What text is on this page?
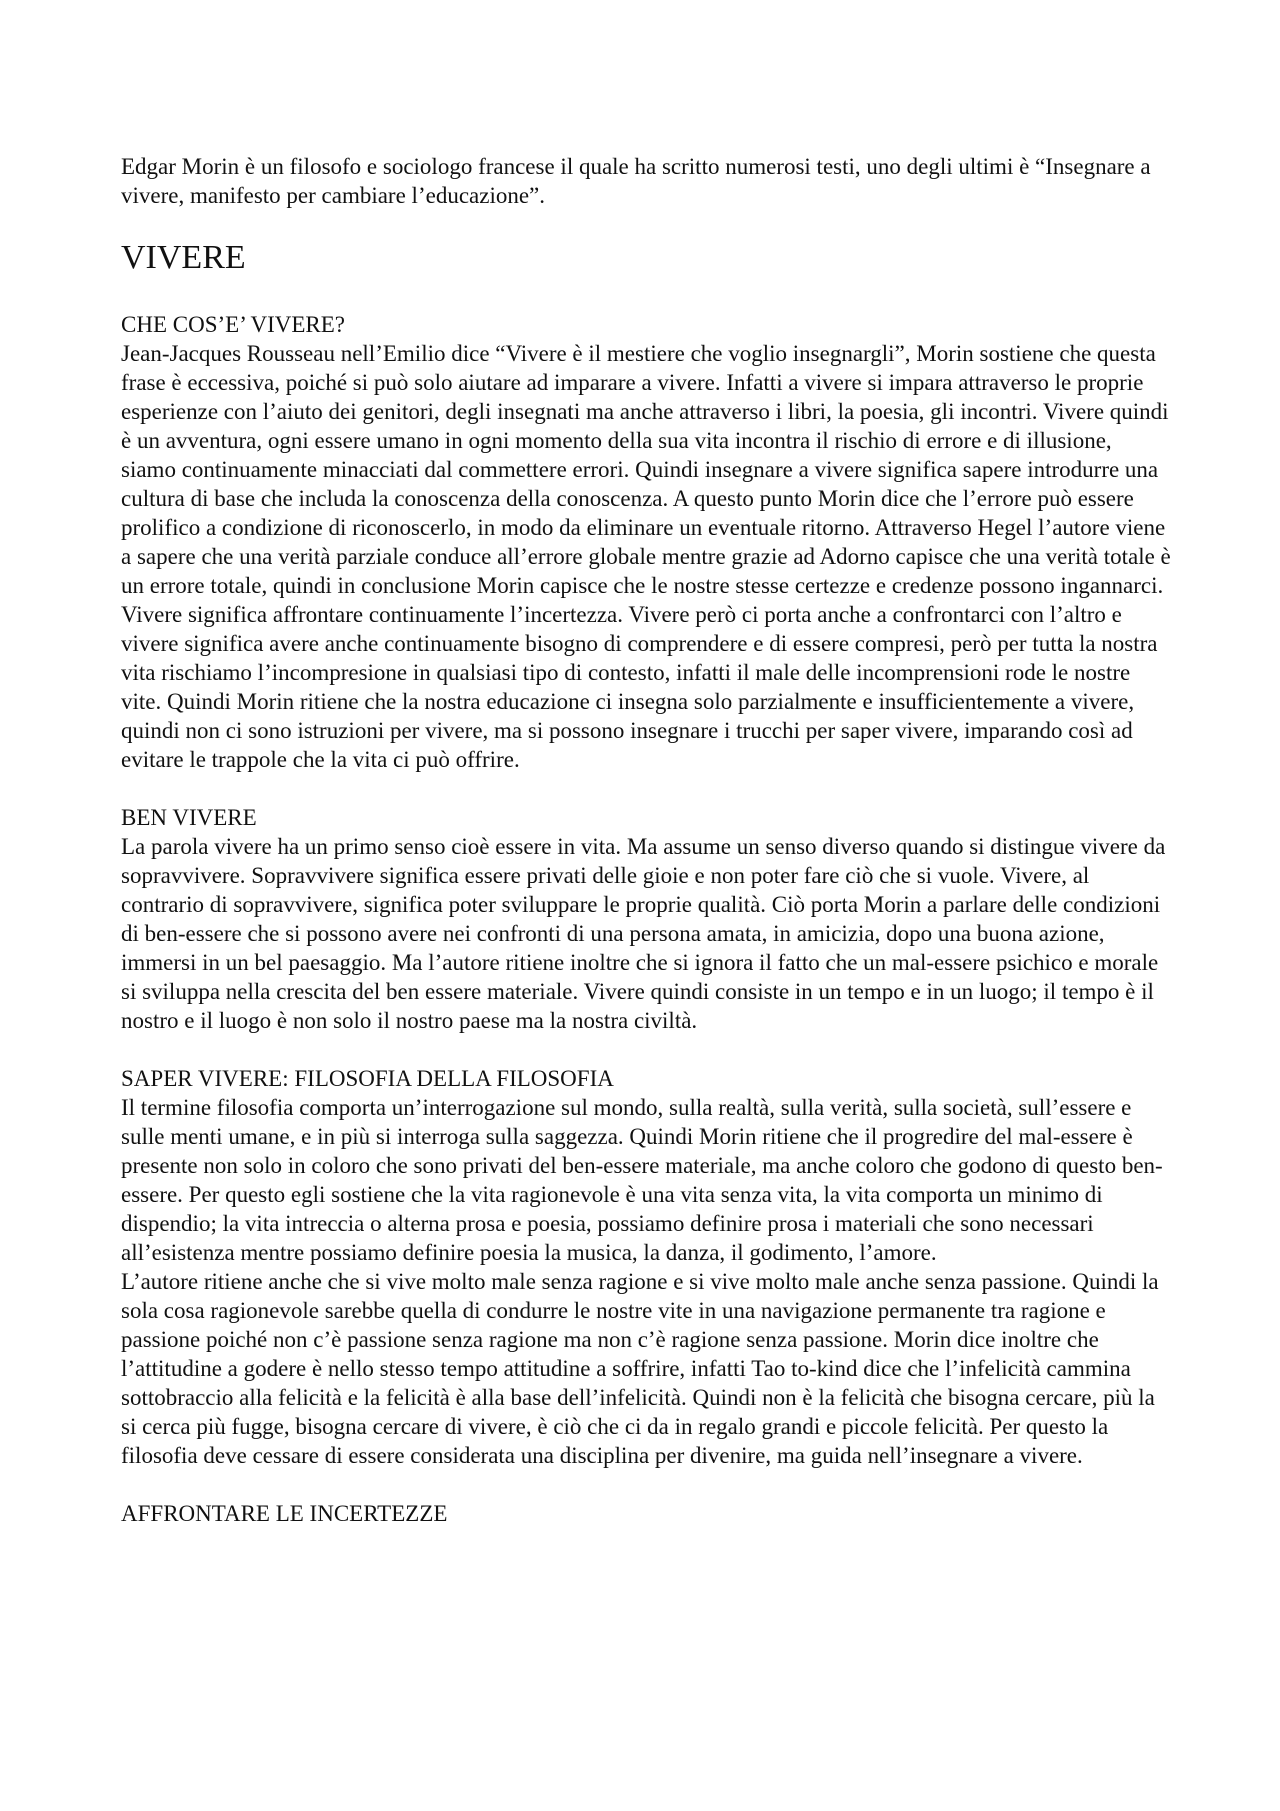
Edgar Morin è un filosofo e sociologo francese il quale ha scritto numerosi testi, uno degli ultimi è “Insegnare a vivere, manifesto per cambiare l’educazione”.

VIVERE

CHE COS’E’ VIVERE?

Jean-Jacques Rousseau nell’Emilio dice “Vivere è il mestiere che voglio insegnargli”, Morin sostiene che questa frase è eccessiva, poiché si può solo aiutare ad imparare a vivere. Infatti a vivere si impara attraverso le proprie esperienze con l’aiuto dei genitori, degli insegnati ma anche attraverso i libri, la poesia, gli incontri. Vivere quindi è un avventura, ogni essere umano in ogni momento della sua vita incontra il rischio di errore e di illusione, siamo continuamente minacciati dal commettere errori. Quindi insegnare a vivere significa sapere introdurre una cultura di base che includa la conoscenza della conoscenza. A questo punto Morin dice che l’errore può essere prolifico a condizione di riconoscerlo, in modo da eliminare un eventuale ritorno. Attraverso Hegel l’autore viene a sapere che una verità parziale conduce all’errore globale mentre grazie ad Adorno capisce che una verità totale è un errore totale, quindi in conclusione Morin capisce che le nostre stesse certezze e credenze possono ingannarci. Vivere significa affrontare continuamente l’incertezza. Vivere però ci porta anche a confrontarci con l’altro e vivere significa avere anche continuamente bisogno di comprendere e di essere compresi, però per tutta la nostra vita rischiamo l’incompresione in qualsiasi tipo di contesto, infatti il male delle incomprensioni rode le nostre vite. Quindi Morin ritiene che la nostra educazione ci insegna solo parzialmente e insufficientemente a vivere, quindi non ci sono istruzioni per vivere, ma si possono insegnare i trucchi per saper vivere, imparando così ad evitare le trappole che la vita ci può offrire.

BEN VIVERE

La parola vivere ha un primo senso cioè essere in vita. Ma assume un senso diverso quando si distingue vivere da sopravvivere. Sopravvivere significa essere privati delle gioie e non poter fare ciò che si vuole. Vivere, al contrario di sopravvivere, significa poter sviluppare le proprie qualità. Ciò porta Morin a parlare delle condizioni di ben-essere che si possono avere nei confronti di una persona amata, in amicizia, dopo una buona azione, immersi in un bel paesaggio. Ma l’autore ritiene inoltre che si ignora il fatto che un mal-essere psichico e morale si sviluppa nella crescita del ben essere materiale. Vivere quindi consiste in un tempo e in un luogo; il tempo è il nostro e il luogo è non solo il nostro paese ma la nostra civiltà.

SAPER VIVERE: FILOSOFIA DELLA FILOSOFIA

Il termine filosofia comporta un’interrogazione sul mondo, sulla realtà, sulla verità, sulla società, sull’essere e sulle menti umane, e in più si interroga sulla saggezza. Quindi Morin ritiene che il progredire del mal-essere è presente non solo in coloro che sono privati del ben-essere materiale, ma anche coloro che godono di questo ben-essere. Per questo egli sostiene che la vita ragionevole è una vita senza vita, la vita comporta un minimo di dispendio; la vita intreccia o alterna prosa e poesia, possiamo definire prosa i materiali che sono necessari all’esistenza mentre possiamo definire poesia la musica, la danza, il godimento, l’amore.

L’autore ritiene anche che si vive molto male senza ragione e si vive molto male anche senza passione. Quindi la sola cosa ragionevole sarebbe quella di condurre le nostre vite in una navigazione permanente tra ragione e passione poiché non c’è passione senza ragione ma non c’è ragione senza passione. Morin dice inoltre che l’attitudine a godere è nello stesso tempo attitudine a soffrire, infatti Tao to-kind dice che l’infelicità cammina sottobraccio alla felicità e la felicità è alla base dell’infelicità. Quindi non è la felicità che bisogna cercare, più la si cerca più fugge, bisogna cercare di vivere, è ciò che ci da in regalo grandi e piccole felicità. Per questo la filosofia deve cessare di essere considerata una disciplina per divenire, ma guida nell’insegnare a vivere.

AFFRONTARE LE INCERTEZZE
